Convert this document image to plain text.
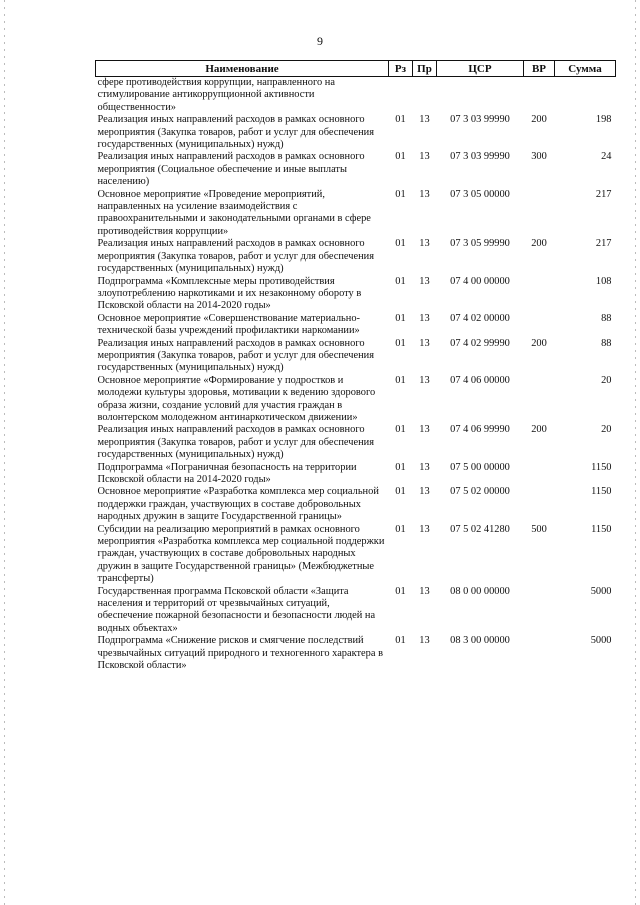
9
Наименование	Рз	Пр	ЦСР	ВР	Сумма
сфере противодействия коррупции, направленного на стимулирование антикоррупционной активности общественности»					
Реализация иных направлений расходов в рамках основного мероприятия (Закупка товаров, работ и услуг для обеспечения государственных (муниципальных) нужд)	01	13	07 3 03 99990	200	198
Реализация иных направлений расходов в рамках основного мероприятия (Социальное обеспечение и иные выплаты населению)	01	13	07 3 03 99990	300	24
Основное мероприятие «Проведение мероприятий, направленных на усиление взаимодействия с правоохранительными и законодательными органами в сфере противодействия коррупции»	01	13	07 3 05 00000		217
Реализация иных направлений расходов в рамках основного мероприятия (Закупка товаров, работ и услуг для обеспечения государственных (муниципальных) нужд)	01	13	07 3 05 99990	200	217
Подпрограмма «Комплексные меры противодействия злоупотреблению наркотиками и их незаконному обороту в Псковской области на 2014-2020 годы»	01	13	07 4 00 00000		108
Основное мероприятие «Совершенствование материально-технической базы учреждений профилактики наркомании»	01	13	07 4 02 00000		88
Реализация иных направлений расходов в рамках основного мероприятия (Закупка товаров, работ и услуг для обеспечения государственных (муниципальных) нужд)	01	13	07 4 02 99990	200	88
Основное мероприятие «Формирование у подростков и молодежи культуры здоровья, мотивации к ведению здорового образа жизни, создание условий для участия граждан в волонтерском молодежном антинаркотическом движении»	01	13	07 4 06 00000		20
Реализация иных направлений расходов в рамках основного мероприятия (Закупка товаров, работ и услуг для обеспечения государственных (муниципальных) нужд)	01	13	07 4 06 99990	200	20
Подпрограмма «Пограничная безопасность на территории Псковской области на 2014-2020 годы»	01	13	07 5 00 00000		1150
Основное мероприятие «Разработка комплекса мер социальной поддержки граждан, участвующих в составе добровольных народных дружин в защите Государственной границы»	01	13	07 5 02 00000		1150
Субсидии на реализацию мероприятий в рамках основного мероприятия «Разработка комплекса мер социальной поддержки граждан, участвующих в составе добровольных народных дружин в защите Государственной границы» (Межбюджетные трансферты)	01	13	07 5 02 41280	500	1150
Государственная программа Псковской области «Защита населения и территорий от чрезвычайных ситуаций, обеспечение пожарной безопасности и безопасности людей на водных объектах»	01	13	08 0 00 00000		5000
Подпрограмма «Снижение рисков и смягчение последствий чрезвычайных ситуаций природного и техногенного характера в Псковской области»	01	13	08 3 00 00000		5000
